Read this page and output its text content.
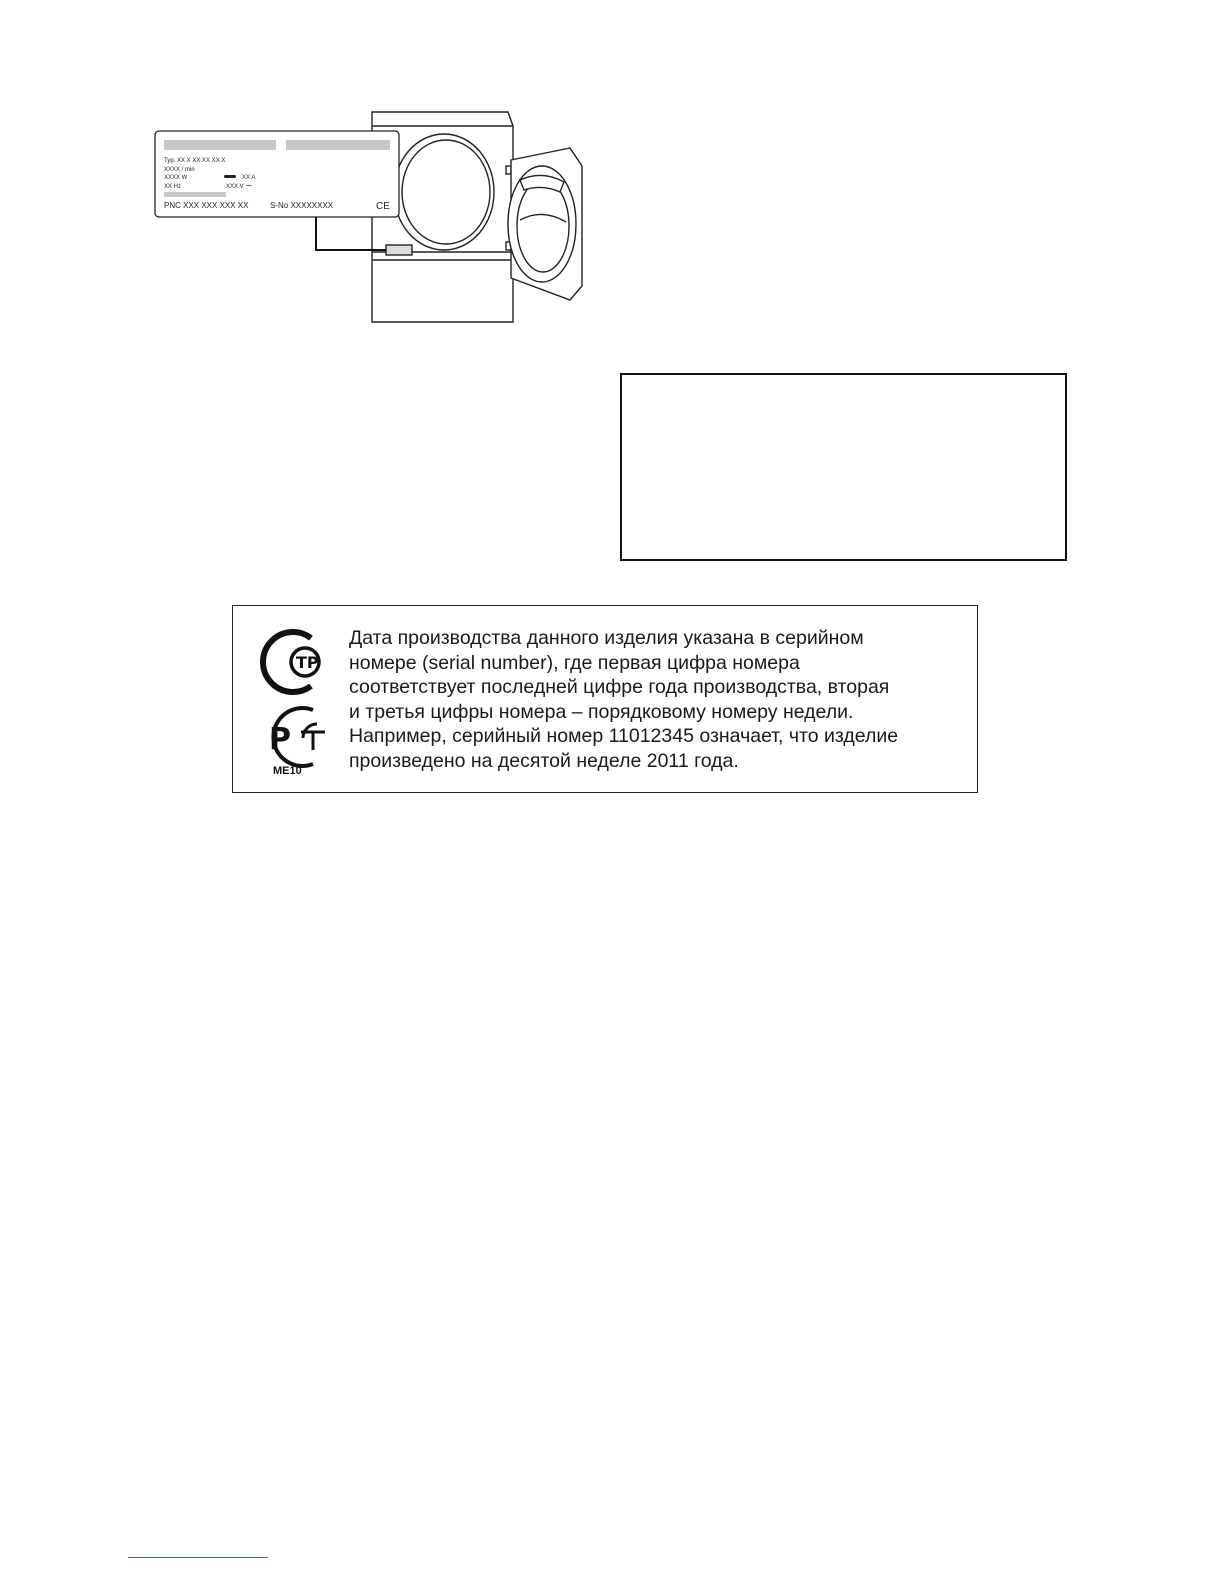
Typ: XX X XX XX XX X
XXXX / min
XXXX W	XX A
XX Hz	XXX V ~
PNC XXX XXX XXX XX	S-No XXXXXXXX	CE
ТР
Р
ME10
Дата производства данного изделия указана в серийном
номере (serial number), где первая цифра номера
соответствует последней цифре года производства, вторая
и третья цифры номера – порядковому номеру недели.
Например, серийный номер 11012345 означает, что изделие
произведено на десятой неделе 2011 года.
